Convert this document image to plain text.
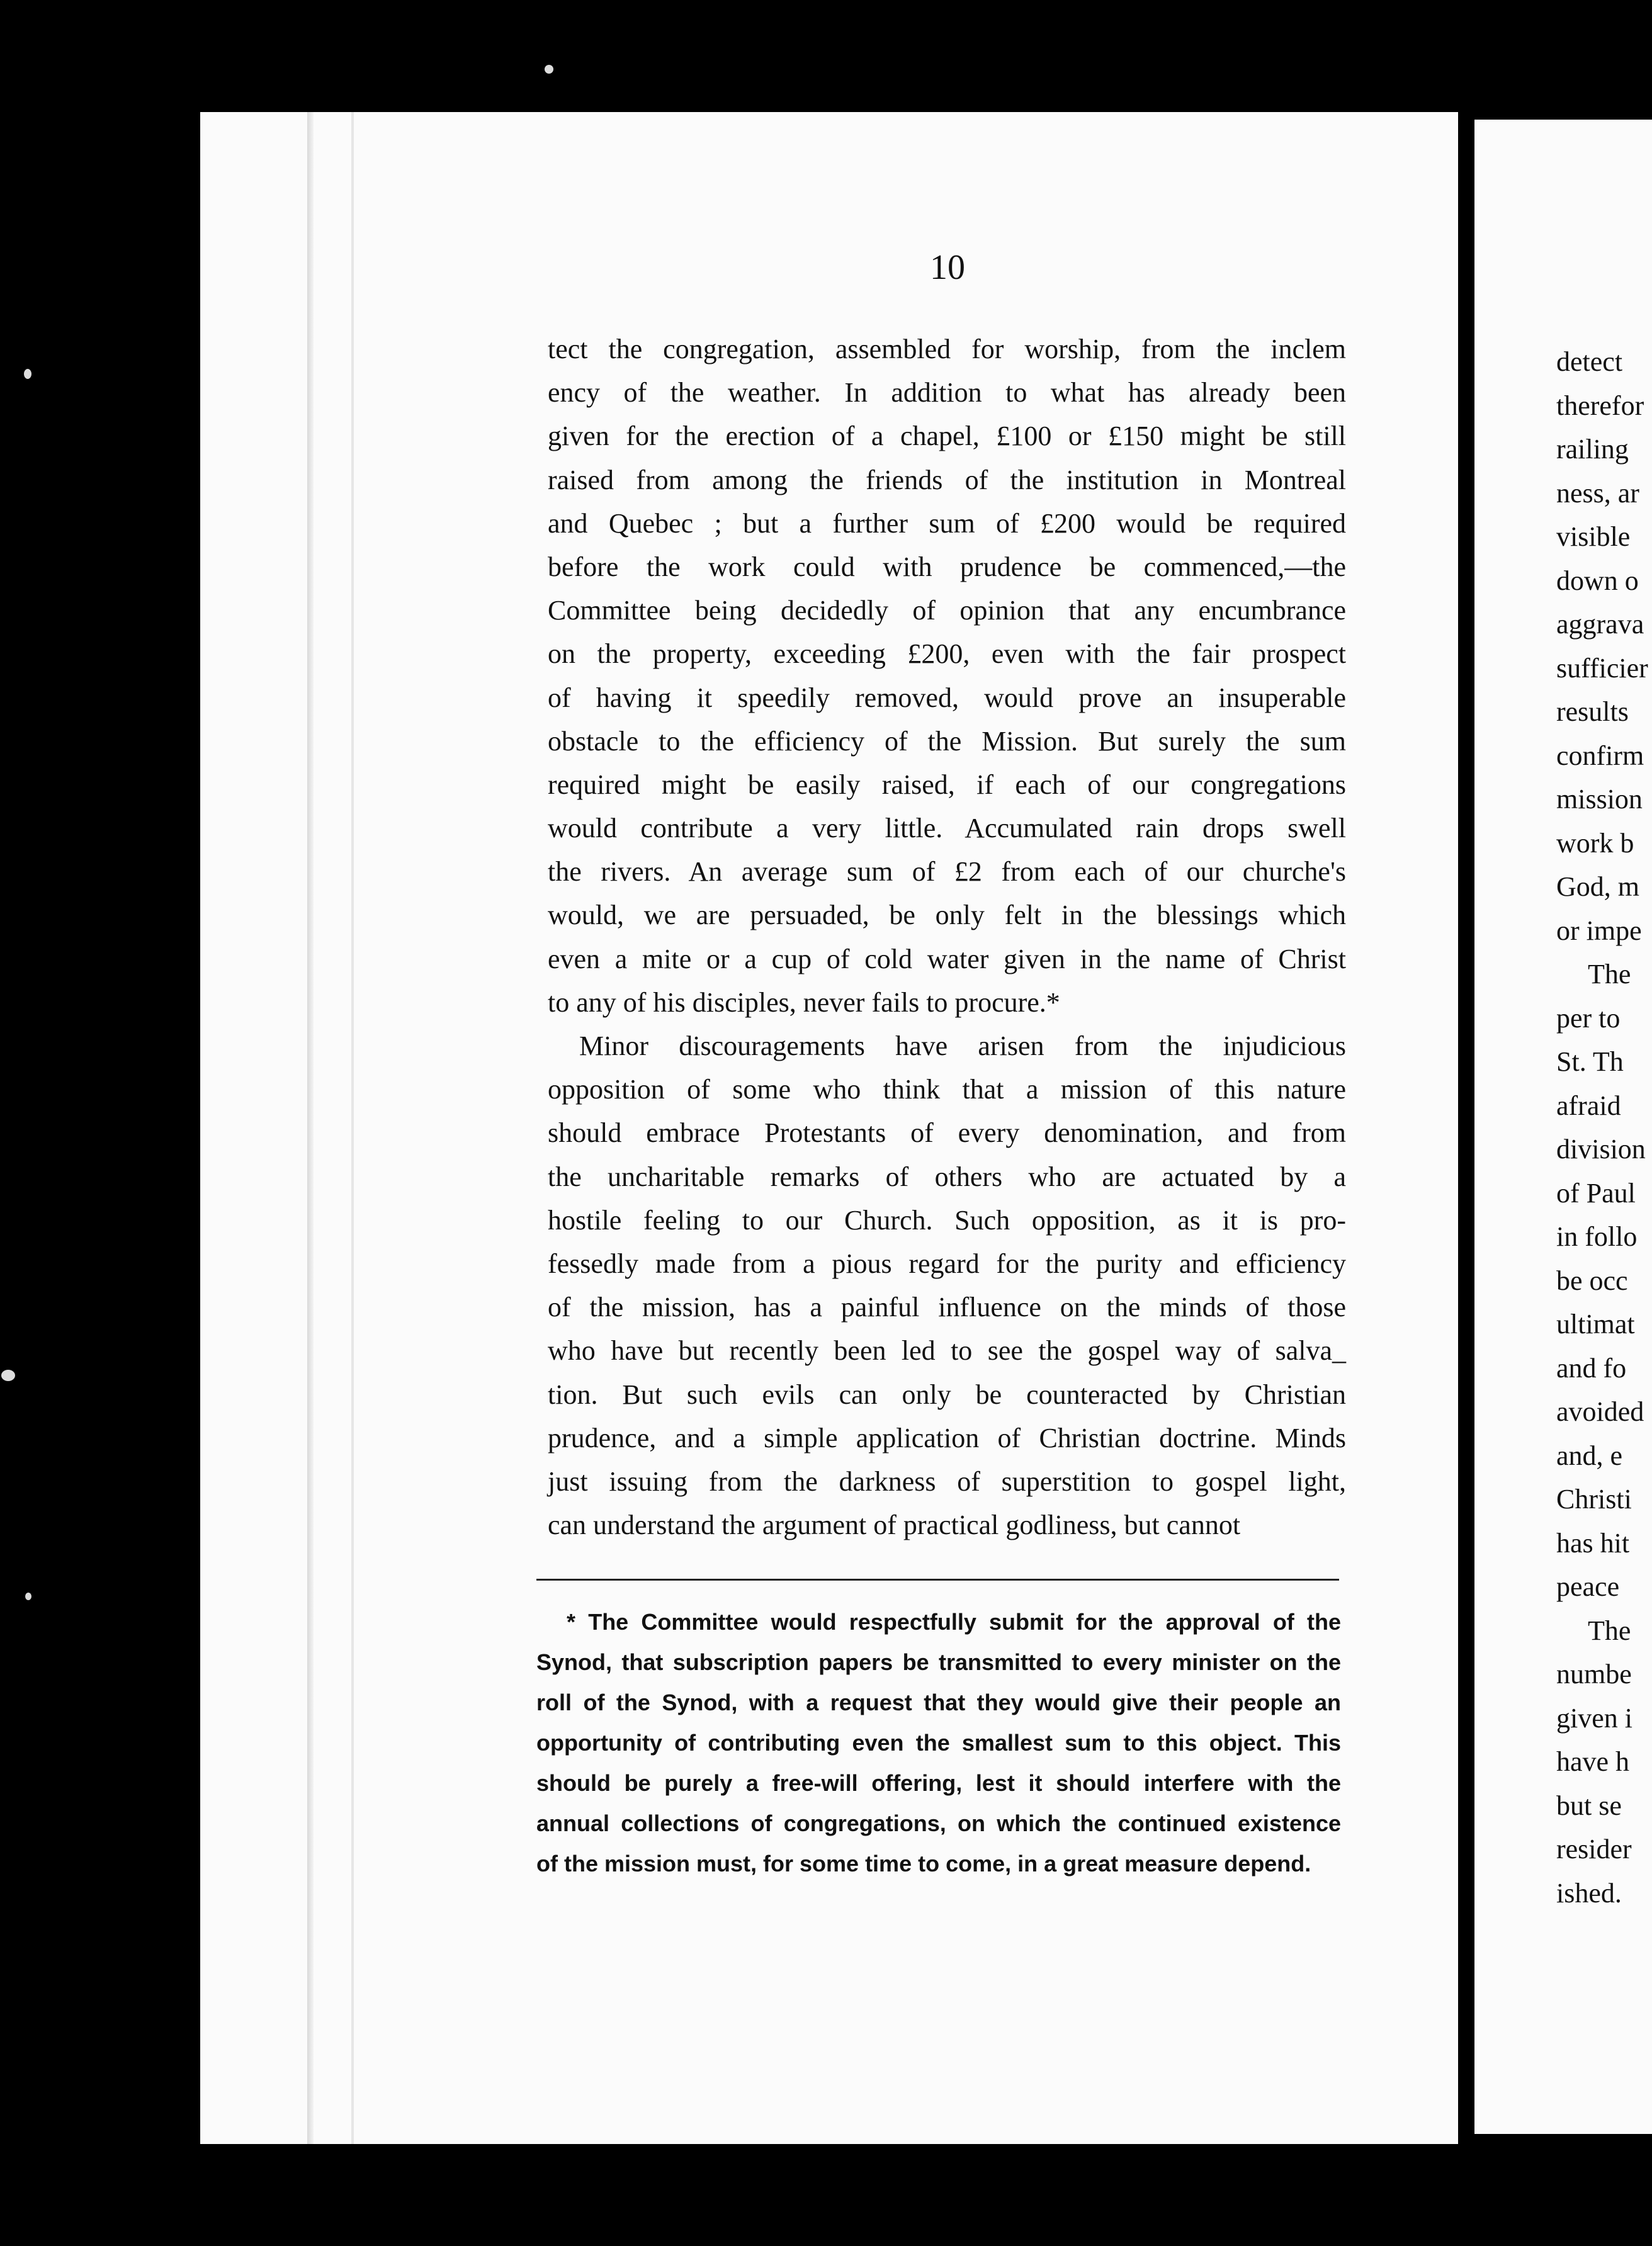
detect
therefor
railing
ness, ar
visible
down o
aggrava
sufficier
results
confirm
mission
work b
God, m
or impe
The
per to
St. Th
afraid
division
of Paul
in follo
be occ
ultimat
and fo
avoided
and, e
Christi
has hit
peace
The
numbe
given i
have h
but se
resider
ished.
10
tect the congregation, assembled for worship, from the inclem
ency of the weather. In addition to what has already been
given for the erection of a chapel, £100 or £150 might be still
raised from among the friends of the institution in Montreal
and Quebec ; but a further sum of £200 would be required
before the work could with prudence be commenced,—the
Committee being decidedly of opinion that any encumbrance
on the property, exceeding £200, even with the fair prospect
of having it speedily removed, would prove an insuperable
obstacle to the efficiency of the Mission. But surely the sum
required might be easily raised, if each of our congregations
would contribute a very little. Accumulated rain drops swell
the rivers. An average sum of £2 from each of our churche's
would, we are persuaded, be only felt in the blessings which
even a mite or a cup of cold water given in the name of Christ
to any of his disciples, never fails to procure.*
Minor discouragements have arisen from the injudicious
opposition of some who think that a mission of this nature
should embrace Protestants of every denomination, and from
the uncharitable remarks of others who are actuated by a
hostile feeling to our Church. Such opposition, as it is pro-
fessedly made from a pious regard for the purity and efficiency
of the mission, has a painful influence on the minds of those
who have but recently been led to see the gospel way of salva_
tion. But such evils can only be counteracted by Christian
prudence, and a simple application of Christian doctrine. Minds
just issuing from the darkness of superstition to gospel light,
can understand the argument of practical godliness, but cannot
* The Committee would respectfully submit for the approval of the
Synod, that subscription papers be transmitted to every minister on the
roll of the Synod, with a request that they would give their people an
opportunity of contributing even the smallest sum to this object. This
should be purely a free-will offering, lest it should interfere with the
annual collections of congregations, on which the continued existence
of the mission must, for some time to come, in a great measure depend.
